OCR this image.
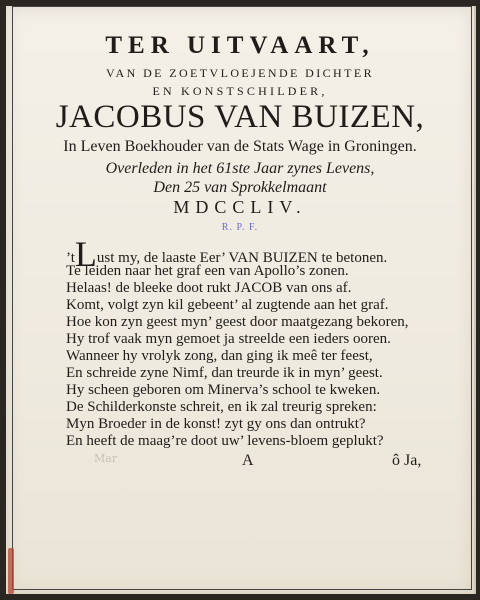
Mar
TER UITVAART,
VAN DE ZOETVLOEJENDE DICHTER
EN KONSTSCHILDER,
JACOBUS VAN BUIZEN,
In Leven Boekhouder van de Stats Wage in Groningen.
Overleden in het 61ste Jaar zynes Levens,
Den 25 van Sprokkelmaant
MDCCLIV.
R. P. F.
’tLust my, de laaste Eer’ VAN BUIZEN te betonen.
Te leiden naar het graf een van Apollo’s zonen.
Helaas! de bleeke doot rukt JACOB van ons af.
Komt, volgt zyn kil gebeent’ al zugtende aan het graf.
Hoe kon zyn geest myn’ geest door maatgezang bekoren,
Hy trof vaak myn gemoet ja streelde een ieders ooren.
Wanneer hy vrolyk zong, dan ging ik meê ter feest,
En schreide zyne Nimf, dan treurde ik in myn’ geest.
Hy scheen geboren om Minerva’s school te kweken.
De Schilderkonste schreit, en ik zal treurig spreken:
Myn Broeder in de konst! zyt gy ons dan ontrukt?
En heeft de maag’re doot uw’ levens-bloem geplukt?
A	ô Ja,
